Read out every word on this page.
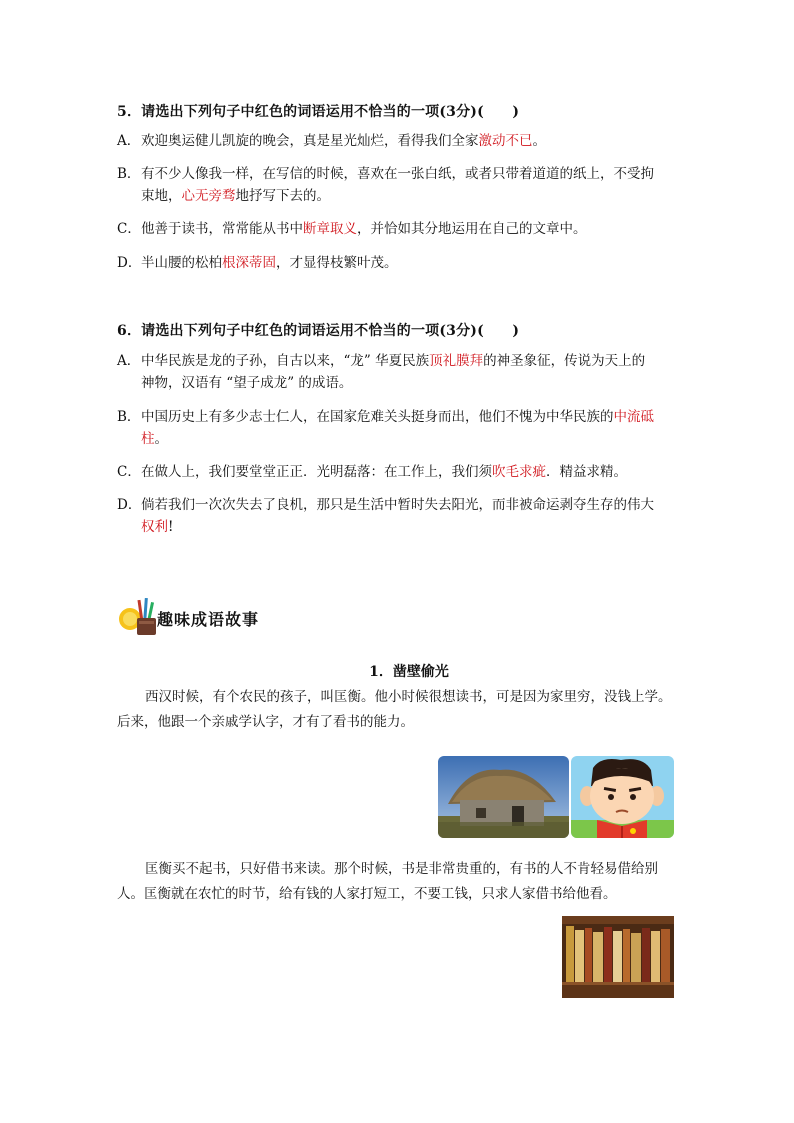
5．请选出下列句子中红色的词语运用不恰当的一项(3分)(　　)
A．欢迎奥运健儿凯旋的晚会，真是星光灿烂，看得我们全家激动不已。
B．有不少人像我一样，在写信的时候，喜欢在一张白纸，或者只带着道道的纸上，不受拘
束地，心无旁骛地抒写下去的。
C．他善于读书，常常能从书中断章取义，并恰如其分地运用在自己的文章中。
D．半山腰的松柏根深蒂固，才显得枝繁叶茂。
6．请选出下列句子中红色的词语运用不恰当的一项(3分)(　　)
A．中华民族是龙的子孙，自古以来，“龙” 华夏民族顶礼膜拜的神圣象征，传说为天上的
神物，汉语有 “望子成龙” 的成语。
B．中国历史上有多少志士仁人，在国家危难关头挺身而出，他们不愧为中华民族的中流砥
柱。
C．在做人上，我们要堂堂正正．光明磊落：在工作上，我们须吹毛求疵．精益求精。
D．倘若我们一次次失去了良机，那只是生活中暂时失去阳光，而非被命运剥夺生存的伟大
权利!
趣味成语故事
1．凿壁偷光
西汉时候，有个农民的孩子，叫匡衡。他小时候很想读书，可是因为家里穷，没钱上学。后来，他跟一个亲戚学认字，才有了看书的能力。
匡衡买不起书，只好借书来读。那个时候，书是非常贵重的，有书的人不肯轻易借给别人。匡衡就在农忙的时节，给有钱的人家打短工，不要工钱，只求人家借书给他看。
